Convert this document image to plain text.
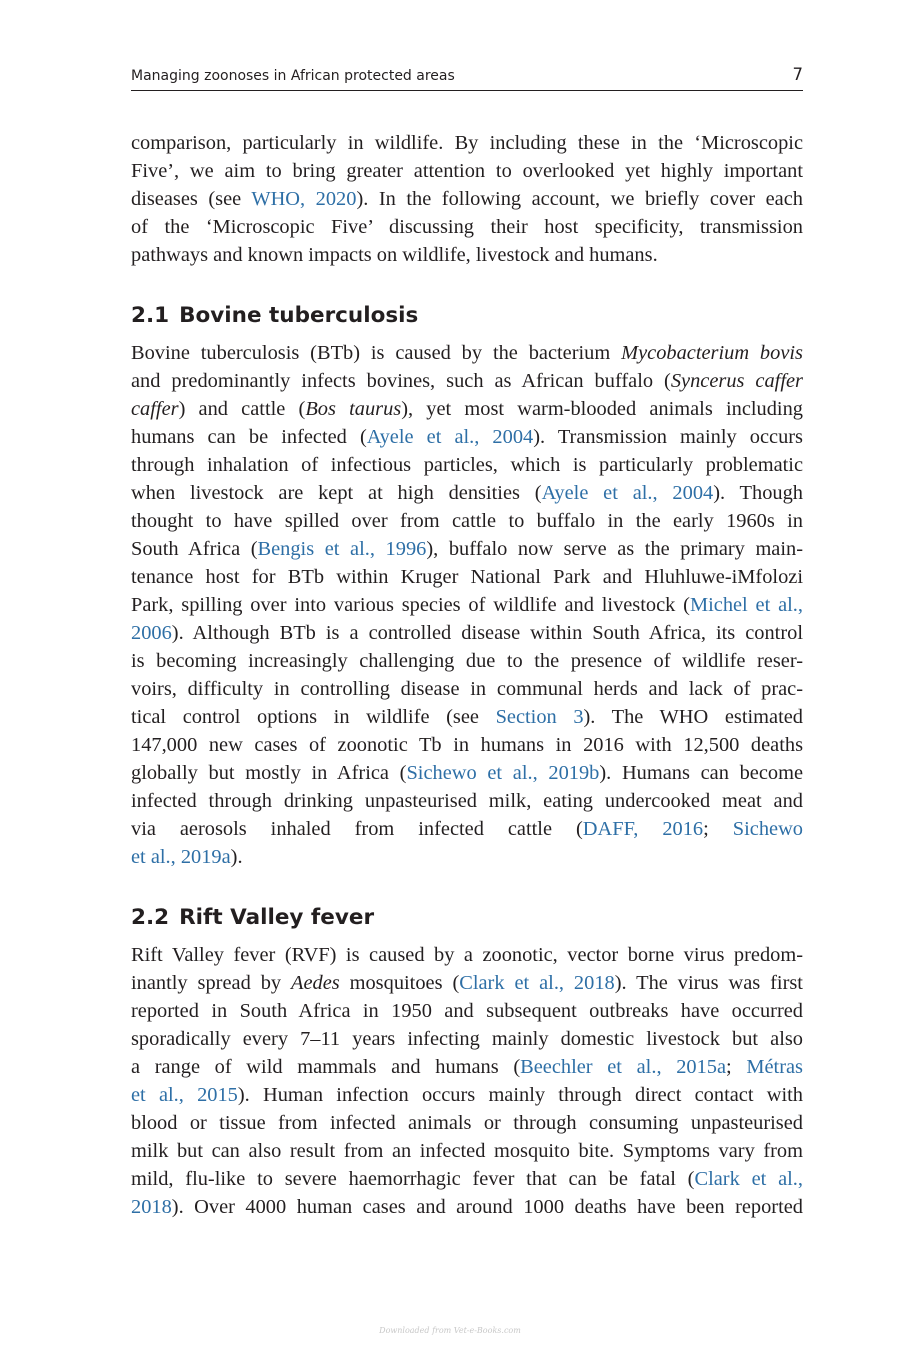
Managing zoonoses in African protected areas	7

comparison, particularly in wildlife. By including these in the ‘Microscopic
Five’, we aim to bring greater attention to overlooked yet highly important
diseases (see WHO, 2020). In the following account, we briefly cover each
of the ‘Microscopic Five’ discussing their host specificity, transmission
pathways and known impacts on wildlife, livestock and humans.

2.1 Bovine tuberculosis

Bovine tuberculosis (BTb) is caused by the bacterium Mycobacterium bovis
and predominantly infects bovines, such as African buffalo (Syncerus caffer
caffer) and cattle (Bos taurus), yet most warm-blooded animals including
humans can be infected (Ayele et al., 2004). Transmission mainly occurs
through inhalation of infectious particles, which is particularly problematic
when livestock are kept at high densities (Ayele et al., 2004). Though
thought to have spilled over from cattle to buffalo in the early 1960s in
South Africa (Bengis et al., 1996), buffalo now serve as the primary main-
tenance host for BTb within Kruger National Park and Hluhluwe-iMfolozi
Park, spilling over into various species of wildlife and livestock (Michel et al.,
2006). Although BTb is a controlled disease within South Africa, its control
is becoming increasingly challenging due to the presence of wildlife reser-
voirs, difficulty in controlling disease in communal herds and lack of prac-
tical control options in wildlife (see Section 3). The WHO estimated
147,000 new cases of zoonotic Tb in humans in 2016 with 12,500 deaths
globally but mostly in Africa (Sichewo et al., 2019b). Humans can become
infected through drinking unpasteurised milk, eating undercooked meat and
via aerosols inhaled from infected cattle (DAFF, 2016; Sichewo
et al., 2019a).

2.2 Rift Valley fever

Rift Valley fever (RVF) is caused by a zoonotic, vector borne virus predom-
inantly spread by Aedes mosquitoes (Clark et al., 2018). The virus was first
reported in South Africa in 1950 and subsequent outbreaks have occurred
sporadically every 7–11 years infecting mainly domestic livestock but also
a range of wild mammals and humans (Beechler et al., 2015a; Métras
et al., 2015). Human infection occurs mainly through direct contact with
blood or tissue from infected animals or through consuming unpasteurised
milk but can also result from an infected mosquito bite. Symptoms vary from
mild, flu-like to severe haemorrhagic fever that can be fatal (Clark et al.,
2018). Over 4000 human cases and around 1000 deaths have been reported

Downloaded from Vet-e-Books.com
